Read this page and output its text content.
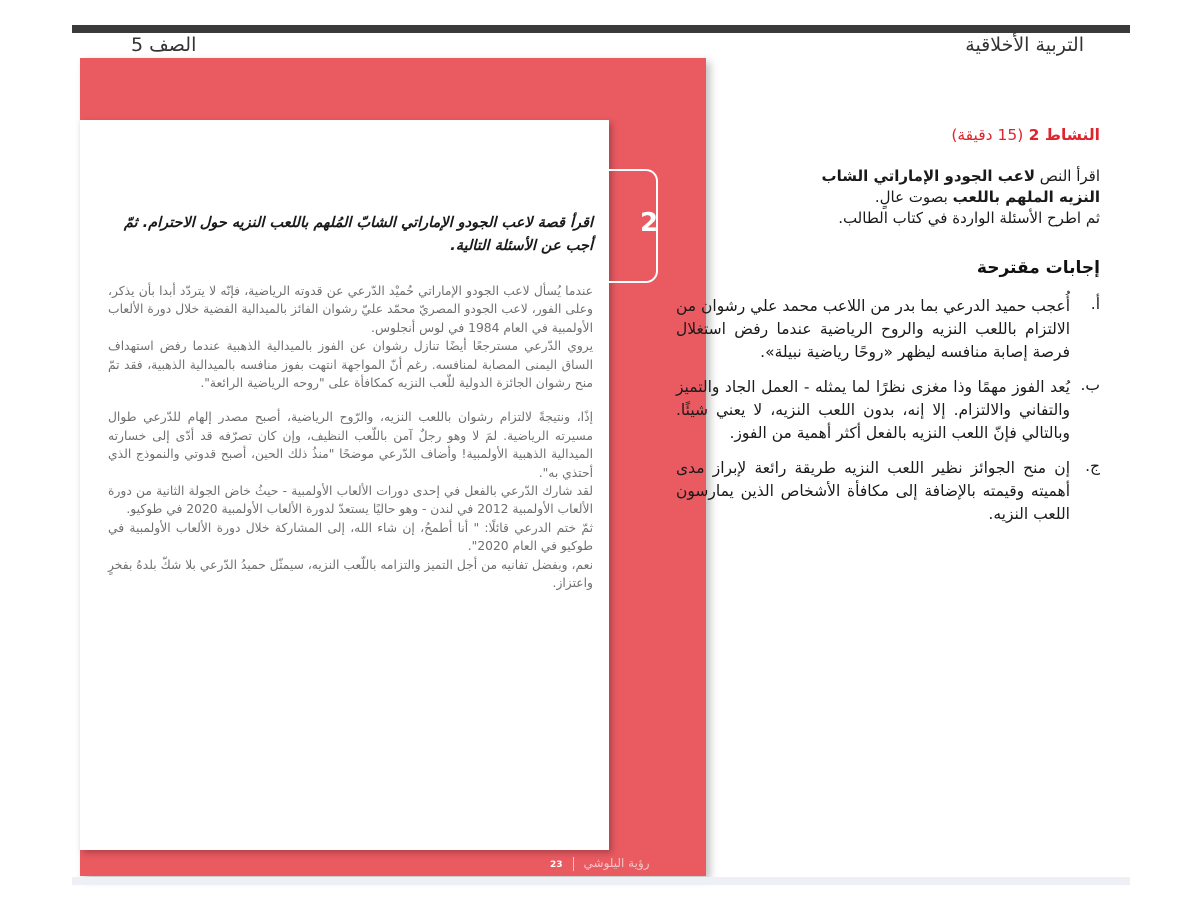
الصف 5	التربية الأخلاقية
اقرأ قصة لاعب الجودو الإماراتي الشابّ المُلهم باللعب النزيه حول الاحترام. ثمّ أجب عن الأسئلة التالية.

عندما يُسأل لاعب الجودو الإماراتي حُميْد الدّرعي عن قدوته الرياضية، فإنّه لا يتردّد أبدا بأن يذكر، وعلى الفور، لاعب الجودو المصريّ محمّد عليّ رشوان الفائز بالميدالية الفضية خلال دورة الألعاب الأولمبية في العام 1984 في لوس أنجلوس.

يروي الدّرعي مسترجعًا أيضًا تنازل رشوان عن الفوز بالميدالية الذهبية عندما رفض استهداف الساق اليمنى المصابة لمنافسه. رغم أنّ المواجهة انتهت بفوز منافسه بالميدالية الذهبية، فقد تمّ منح رشوان الجائزة الدولية للّعب النزيه كمكافأة على "روحه الرياضية الرائعة".

إذًا، ونتيجةً لالتزام رشوان باللعب النزيه، والرّوح الرياضية، أصبح مصدر إلهام للدّرعي طوال مسيرته الرياضية. لمَ لا وهو رجلٌ آمن باللّعب النظيف، وإن كان تصرّفه قد أدّى إلى خسارته الميدالية الذهبية الأولمبية! وأضاف الدّرعي موضحًا "منذُ ذلك الحين، أصبح قدوتي والنموذج الذي أحتذي به".

لقد شارك الدّرعي بالفعل في إحدى دورات الألعاب الأولمبية - حيثُ خاض الجولة الثانية من دورة الألعاب الأولمبية 2012 في لندن - وهو حاليًا يستعدّ لدورة الألعاب الأولمبية 2020 في طوكيو.

ثمّ ختم الدرعي قائلًا: " أنا أطمحُ، إن شاء الله، إلى المشاركة خلال دورة الألعاب الأولمبية في طوكيو في العام 2020".

نعم، وبفضل تفانيه من أجل التميز والتزامه باللّعب النزيه، سيمثّل حميدُ الدّرعي بلا شكّ بلدهُ بفخرٍ واعتزاز.

2
رؤية اليلوشي23
النشاط 2 (15 دقيقة)
اقرأ النص لاعب الجودو الإماراتي الشاب النزيه الملهم باللعب بصوت عالٍ.
ثم اطرح الأسئلة الواردة في كتاب الطالب.
إجابات مقترحة
أ.
أُعجب حميد الدرعي بما بدر من اللاعب محمد علي رشوان من الالتزام باللعب النزيه والروح الرياضية عندما رفض استغلال فرصة إصابة منافسه ليظهر «روحًا رياضية نبيلة».
ب.
يُعد الفوز مهمًا وذا مغزى نظرًا لما يمثله - العمل الجاد والتميز والتفاني والالتزام. إلا إنه، بدون اللعب النزيه، لا يعني شيئًا. وبالتالي فإنّ اللعب النزيه بالفعل أكثر أهمية من الفوز.
ج.
إن منح الجوائز نظير اللعب النزيه طريقة رائعة لإبراز مدى أهميته وقيمته بالإضافة إلى مكافأة الأشخاص الذين يمارسون اللعب النزيه.
